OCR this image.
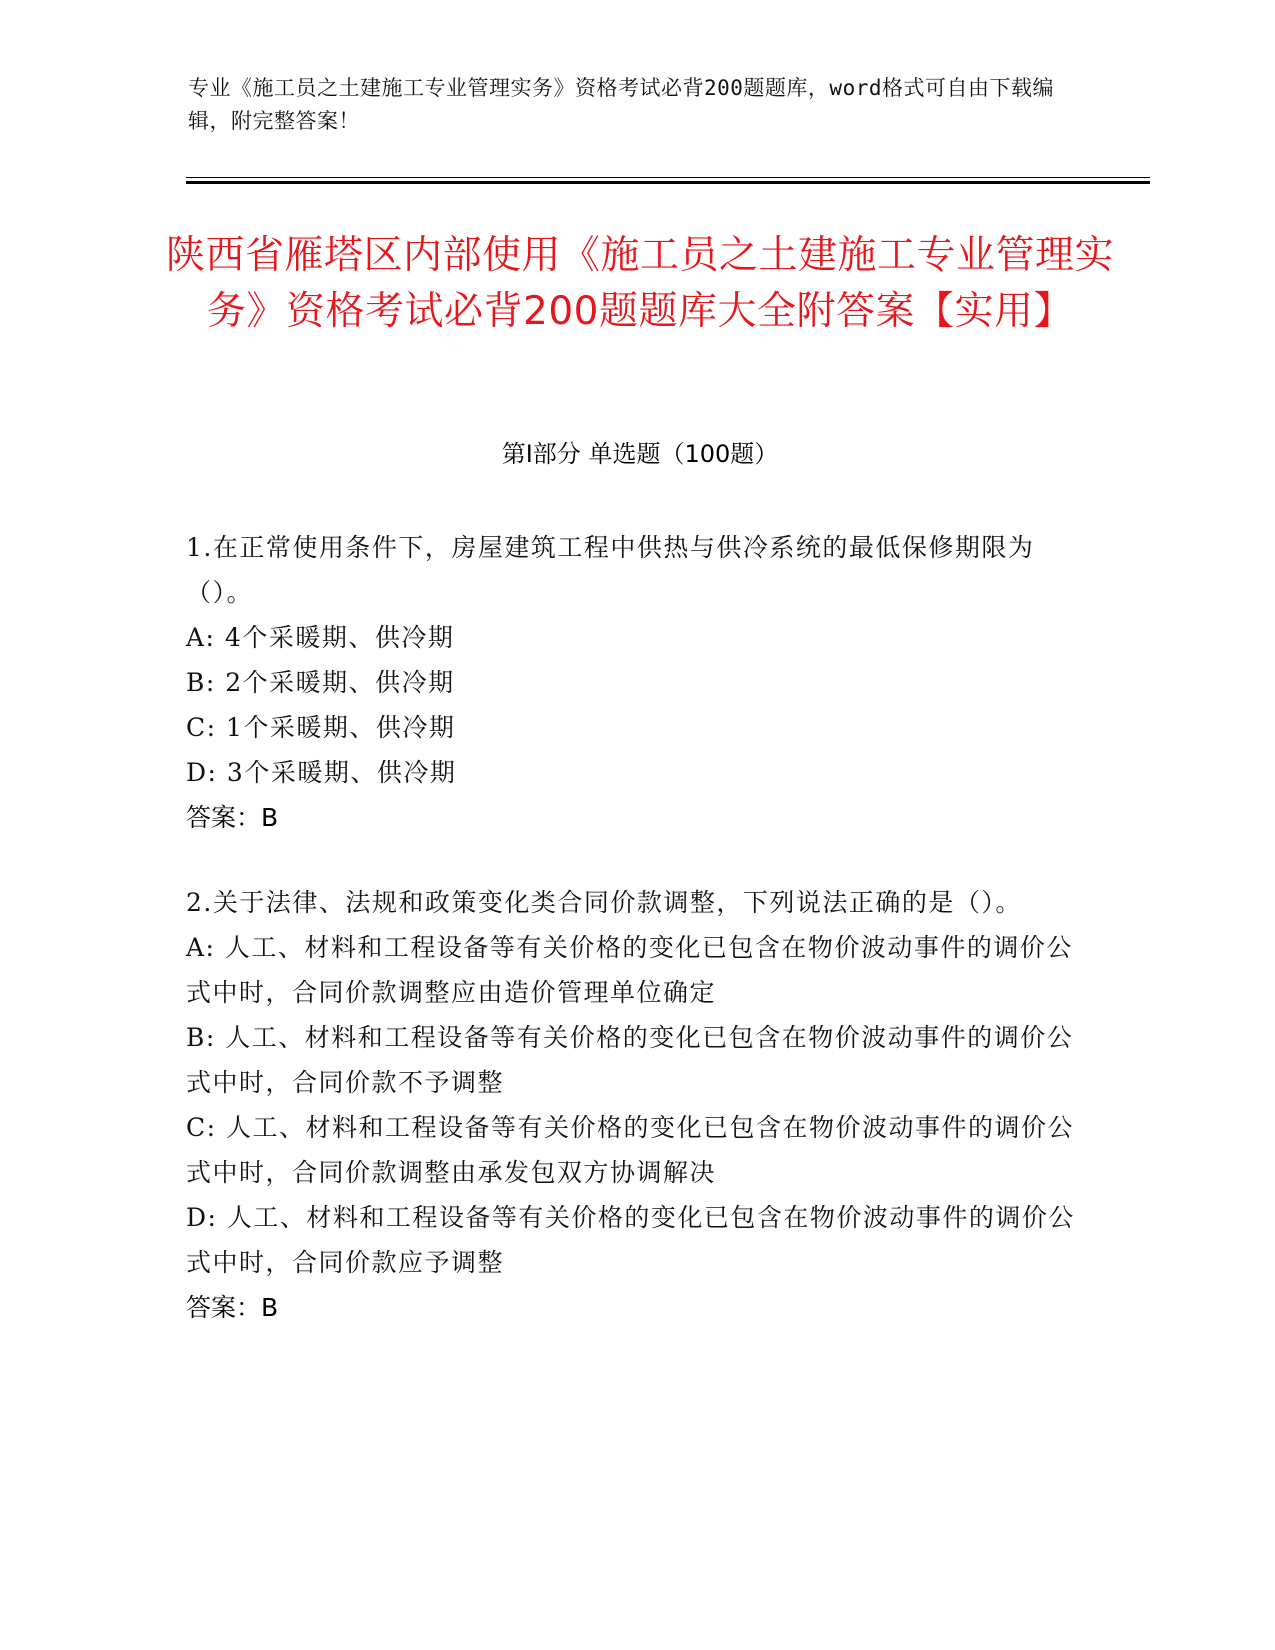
专业《施工员之土建施工专业管理实务》资格考试必背200题题库，word格式可自由下载编辑，附完整答案！
陕西省雁塔区内部使用《施工员之土建施工专业管理实务》资格考试必背200题题库大全附答案【实用】
第Ⅰ部分 单选题（100题）
1.在正常使用条件下，房屋建筑工程中供热与供冷系统的最低保修期限为（）。
A: 4个采暖期、供冷期
B: 2个采暖期、供冷期
C: 1个采暖期、供冷期
D: 3个采暖期、供冷期
答案：B
2.关于法律、法规和政策变化类合同价款调整，下列说法正确的是（）。
A: 人工、材料和工程设备等有关价格的变化已包含在物价波动事件的调价公式中时，合同价款调整应由造价管理单位确定
B: 人工、材料和工程设备等有关价格的变化已包含在物价波动事件的调价公式中时，合同价款不予调整
C: 人工、材料和工程设备等有关价格的变化已包含在物价波动事件的调价公式中时，合同价款调整由承发包双方协调解决
D: 人工、材料和工程设备等有关价格的变化已包含在物价波动事件的调价公式中时，合同价款应予调整
答案：B
